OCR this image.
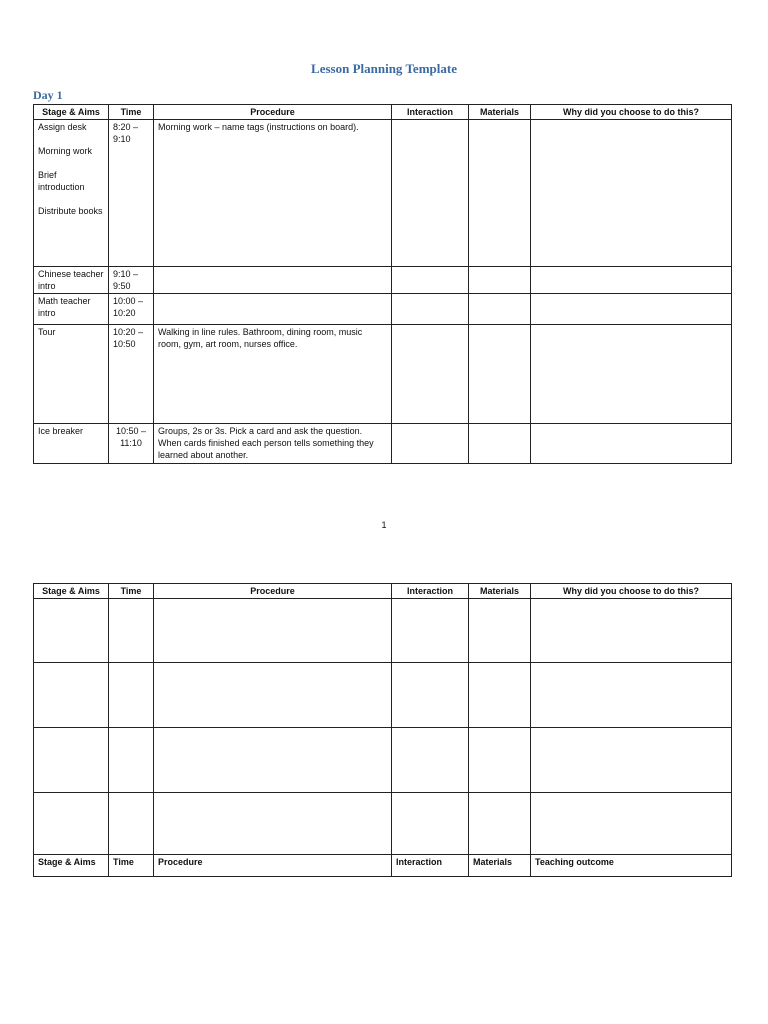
Lesson Planning Template
Day 1
Stage & Aims	Time	Procedure	Interaction	Materials	Why did you choose to do this?

Assign desk
Morning work
Brief introduction
Distribute books	8:20 – 9:10	Morning work – name tags (instructions on board).			
Chinese teacher intro	9:10 – 9:50				
Math teacher intro	10:00 – 10:20				
Tour	10:20 – 10:50	Walking in line rules. Bathroom, dining room, music room, gym, art room, nurses office.			
Ice breaker	10:50 – 11:10	Groups, 2s or 3s. Pick a card and ask the question. When cards finished each person tells something they learned about another.			
1
Stage & Aims	Time	Procedure	Interaction	Materials	Why did you choose to do this?

Stage & Aims	Time	Procedure	Interaction	Materials	Teaching outcome
